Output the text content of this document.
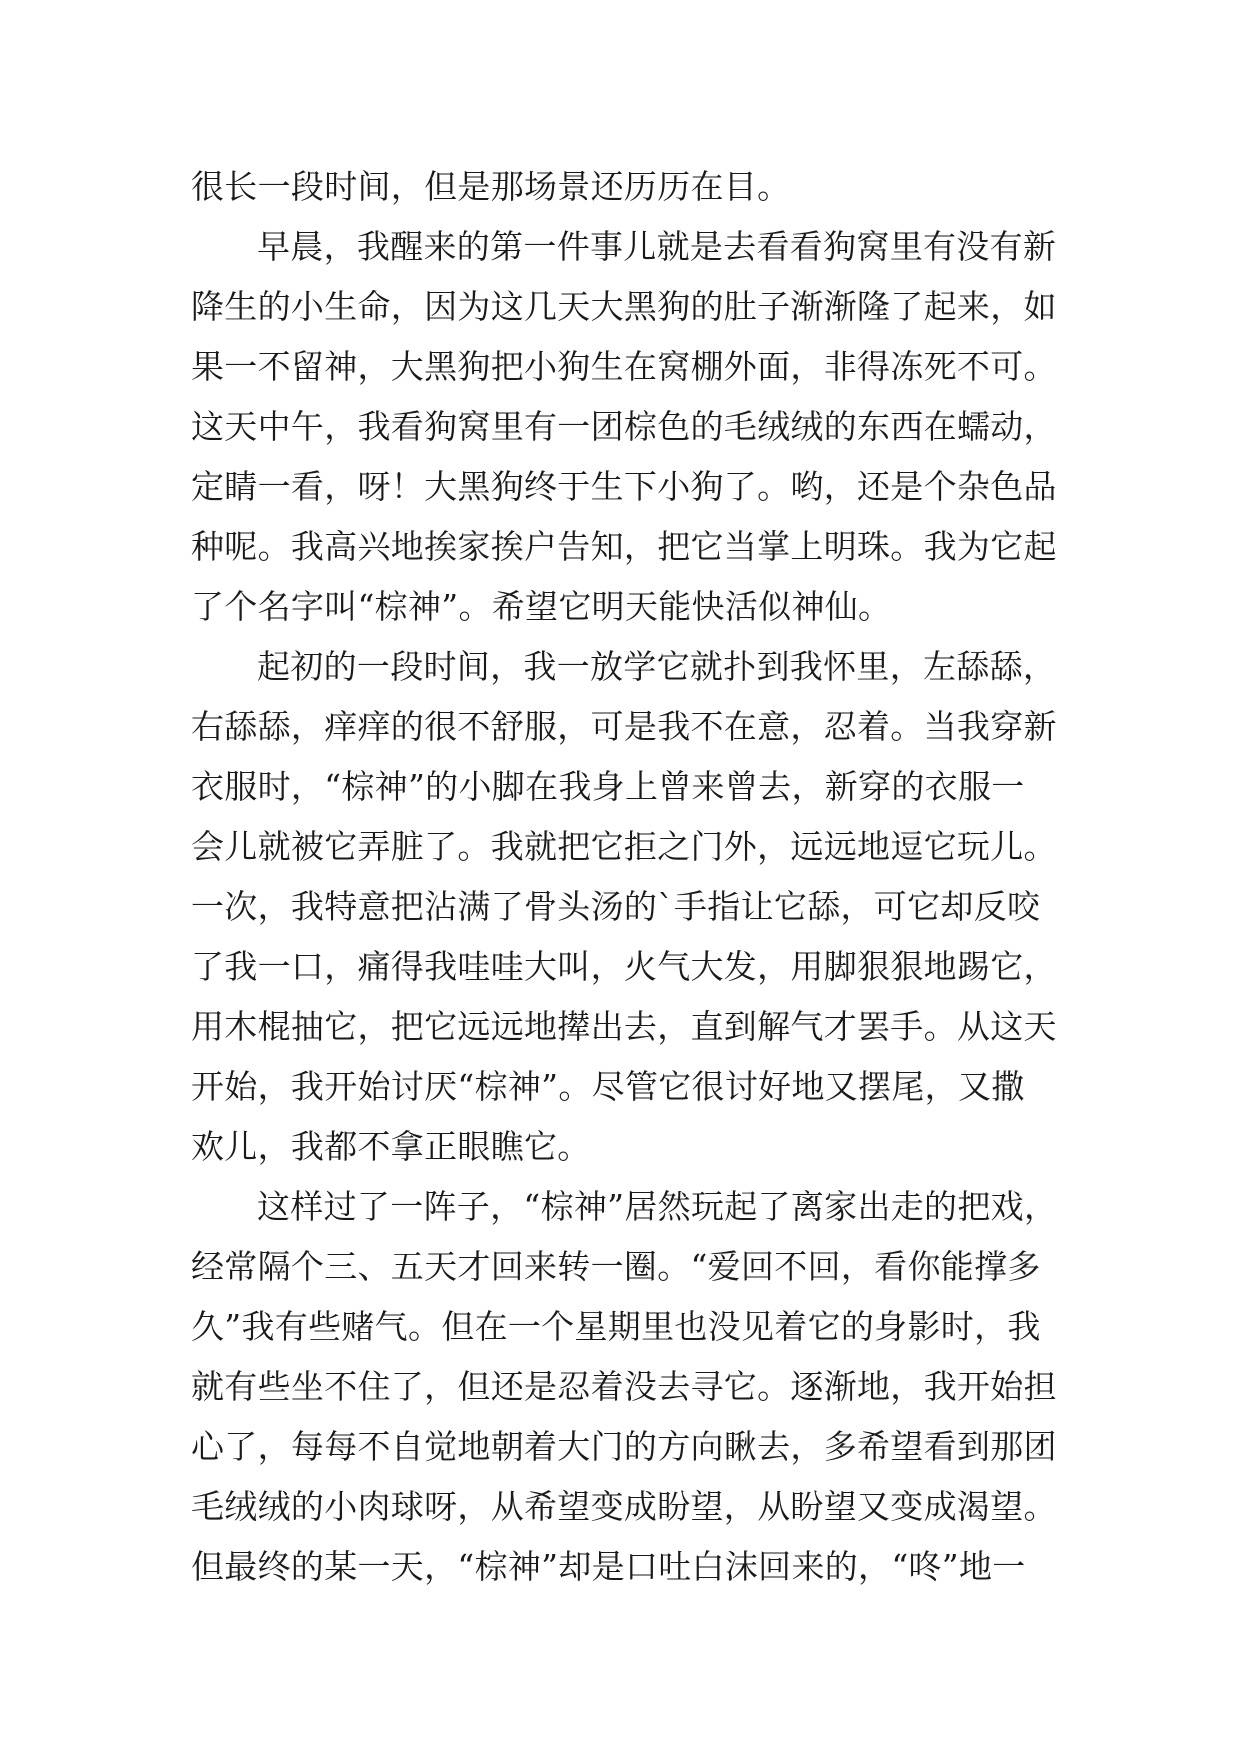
很长一段时间，但是那场景还历历在目。
早晨，我醒来的第一件事儿就是去看看狗窝里有没有新
降生的小生命，因为这几天大黑狗的肚子渐渐隆了起来，如
果一不留神，大黑狗把小狗生在窝棚外面，非得冻死不可。
这天中午，我看狗窝里有一团棕色的毛绒绒的东西在蠕动，
定睛一看，呀！大黑狗终于生下小狗了。哟，还是个杂色品
种呢。我高兴地挨家挨户告知，把它当掌上明珠。我为它起
了个名字叫“棕神”。希望它明天能快活似神仙。
起初的一段时间，我一放学它就扑到我怀里，左舔舔，
右舔舔，痒痒的很不舒服，可是我不在意，忍着。当我穿新
衣服时，“棕神”的小脚在我身上曾来曾去，新穿的衣服一
会儿就被它弄脏了。我就把它拒之门外，远远地逗它玩儿。
一次，我特意把沾满了骨头汤的`手指让它舔，可它却反咬
了我一口，痛得我哇哇大叫，火气大发，用脚狠狠地踢它，
用木棍抽它，把它远远地撵出去，直到解气才罢手。从这天
开始，我开始讨厌“棕神”。尽管它很讨好地又摆尾，又撒
欢儿，我都不拿正眼瞧它。
这样过了一阵子，“棕神”居然玩起了离家出走的把戏，
经常隔个三、五天才回来转一圈。“爱回不回，看你能撑多
久”我有些赌气。但在一个星期里也没见着它的身影时，我
就有些坐不住了，但还是忍着没去寻它。逐渐地，我开始担
心了，每每不自觉地朝着大门的方向瞅去，多希望看到那团
毛绒绒的小肉球呀，从希望变成盼望，从盼望又变成渴望。
但最终的某一天，“棕神”却是口吐白沫回来的，“咚”地一
